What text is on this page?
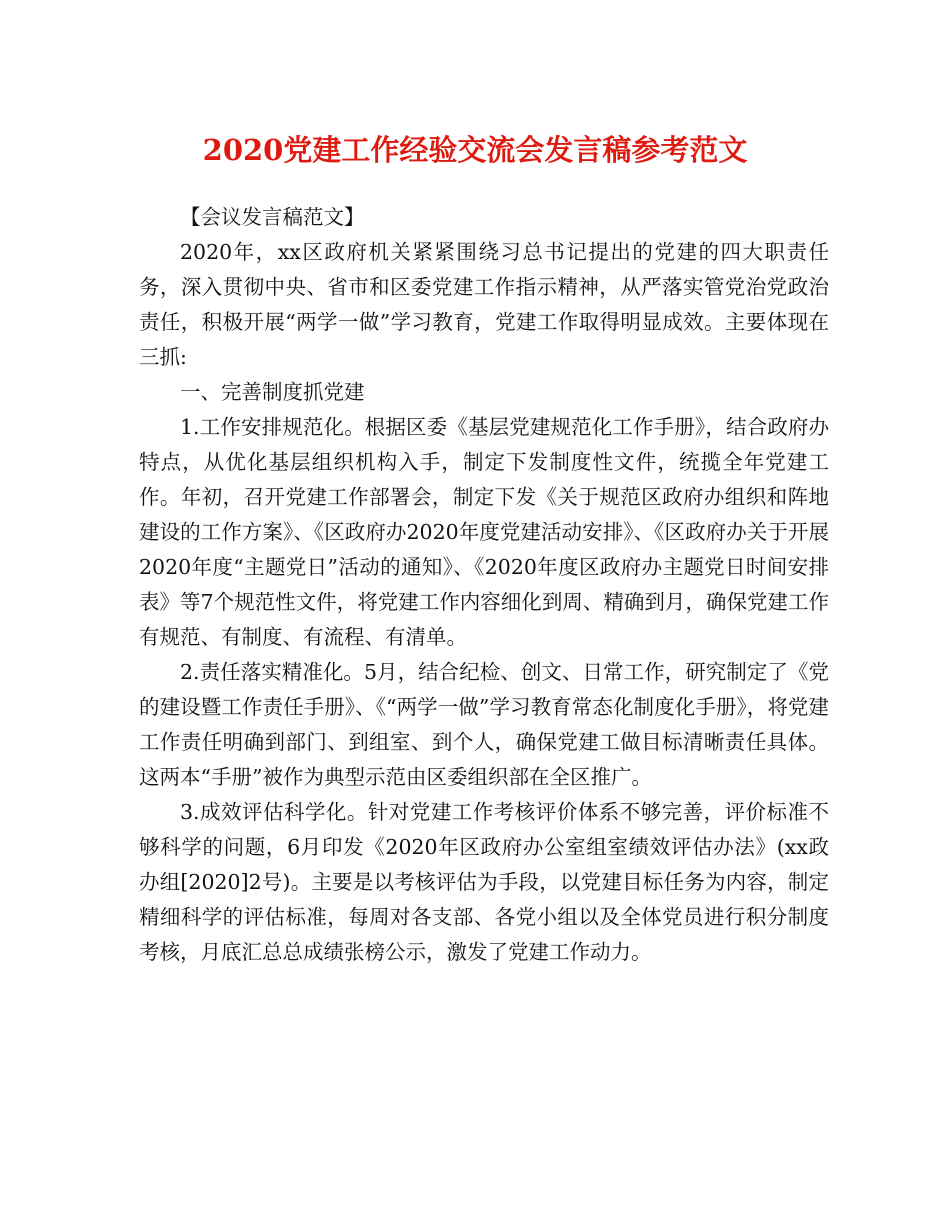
2020党建工作经验交流会发言稿参考范文

【会议发言稿范文】

2020年，xx区政府机关紧紧围绕习总书记提出的党建的四大职责任务，深入贯彻中央、省市和区委党建工作指示精神，从严落实管党治党政治责任，积极开展“两学一做”学习教育，党建工作取得明显成效。主要体现在三抓:

一、完善制度抓党建

1.工作安排规范化。根据区委《基层党建规范化工作手册》，结合政府办特点，从优化基层组织机构入手，制定下发制度性文件，统揽全年党建工作。年初，召开党建工作部署会，制定下发《关于规范区政府办组织和阵地建设的工作方案》、《区政府办2020年度党建活动安排》、《区政府办关于开展2020年度“主题党日”活动的通知》、《2020年度区政府办主题党日时间安排表》等7个规范性文件，将党建工作内容细化到周、精确到月，确保党建工作有规范、有制度、有流程、有清单。

2.责任落实精准化。5月，结合纪检、创文、日常工作，研究制定了《党的建设暨工作责任手册》、《“两学一做”学习教育常态化制度化手册》，将党建工作责任明确到部门、到组室、到个人，确保党建工做目标清晰责任具体。这两本“手册”被作为典型示范由区委组织部在全区推广。

3.成效评估科学化。针对党建工作考核评价体系不够完善，评价标准不够科学的问题，6月印发《2020年区政府办公室组室绩效评估办法》(xx政办组[2020]2号)。主要是以考核评估为手段，以党建目标任务为内容，制定精细科学的评估标准，每周对各支部、各党小组以及全体党员进行积分制度考核，月底汇总总成绩张榜公示，激发了党建工作动力。
